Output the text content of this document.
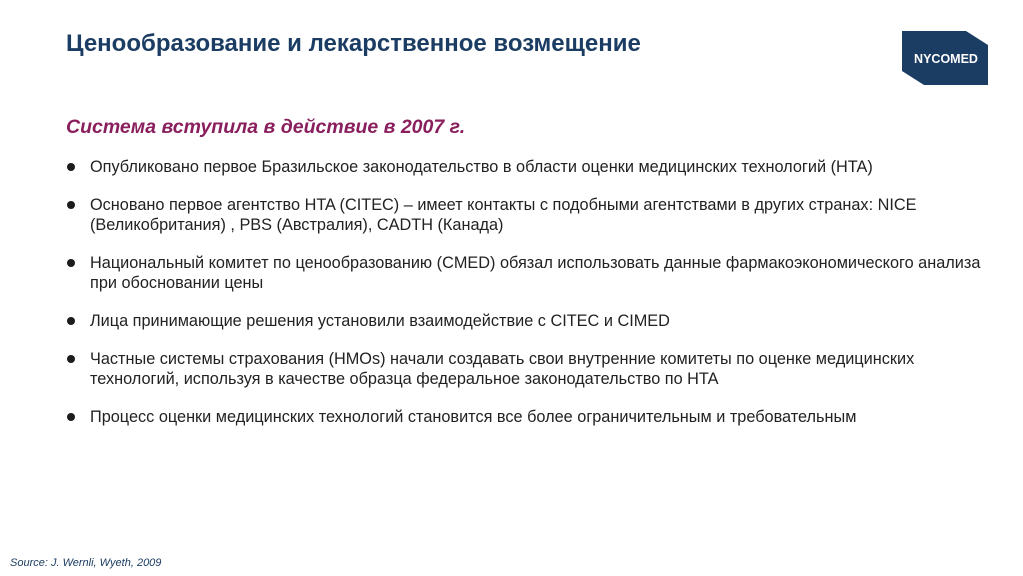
Ценообразование и лекарственное возмещение
NYCOMED
Система вступила в действие в 2007 г.
Опубликовано первое Бразильское законодательство в области оценки медицинских технологий (HTA)
Основано первое агентство HTA (CITEC) – имеет контакты с подобными агентствами в других странах: NICE (Великобритания) , PBS (Австралия), CADTH (Канада)
Национальный комитет по ценообразованию (CMED) обязал использовать данные фармакоэкономического анализа при обосновании цены
Лица принимающие решения установили взаимодействие с CITEC и CIMED
Частные системы страхования (HMOs) начали создавать свои внутренние комитеты по оценке медицинских технологий, используя в качестве образца федеральное законодательство по HTA
Процесс оценки медицинских технологий становится все более ограничительным и требовательным
Source: J. Wernli, Wyeth, 2009
